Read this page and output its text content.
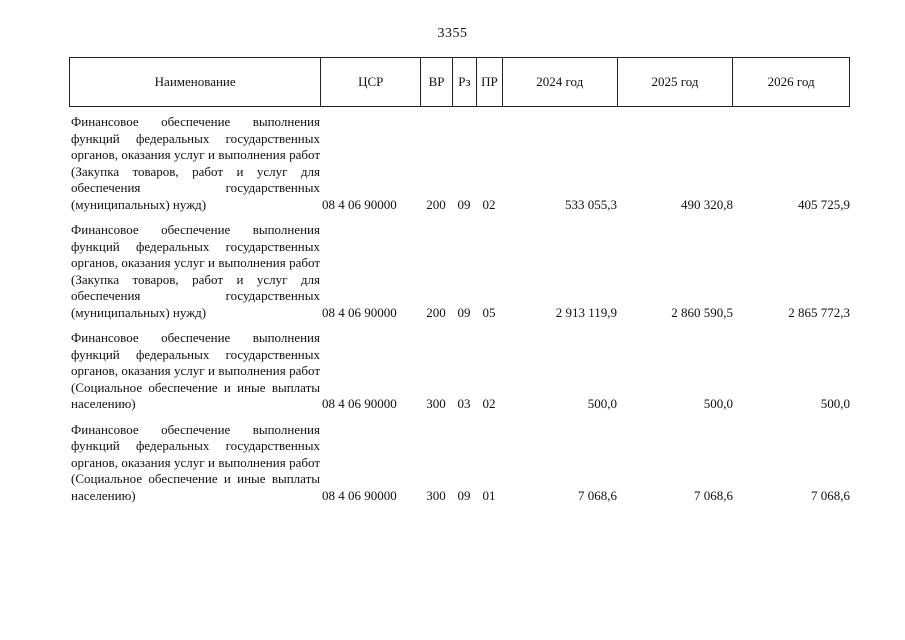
3355
Наименование	ЦСР	ВР	Рз ПР	2024 год	2025 год	2026 год
Финансовое обеспечение выполнения функций федеральных государственных органов, оказания услуг и выполнения работ (Закупка товаров, работ и услуг для обеспечения государственных (муниципальных) нужд)	08 4 06 90000	200 09 02	533 055,3	490 320,8	405 725,9
Финансовое обеспечение выполнения функций федеральных государственных органов, оказания услуг и выполнения работ (Закупка товаров, работ и услуг для обеспечения государственных (муниципальных) нужд)	08 4 06 90000	200 09 05	2 913 119,9	2 860 590,5	2 865 772,3
Финансовое обеспечение выполнения функций федеральных государственных органов, оказания услуг и выполнения работ (Социальное обеспечение и иные выплаты населению)	08 4 06 90000	300 03 02	500,0	500,0	500,0
Финансовое обеспечение выполнения функций федеральных государственных органов, оказания услуг и выполнения работ (Социальное обеспечение и иные выплаты населению)	08 4 06 90000	300 09 01	7 068,6	7 068,6	7 068,6
